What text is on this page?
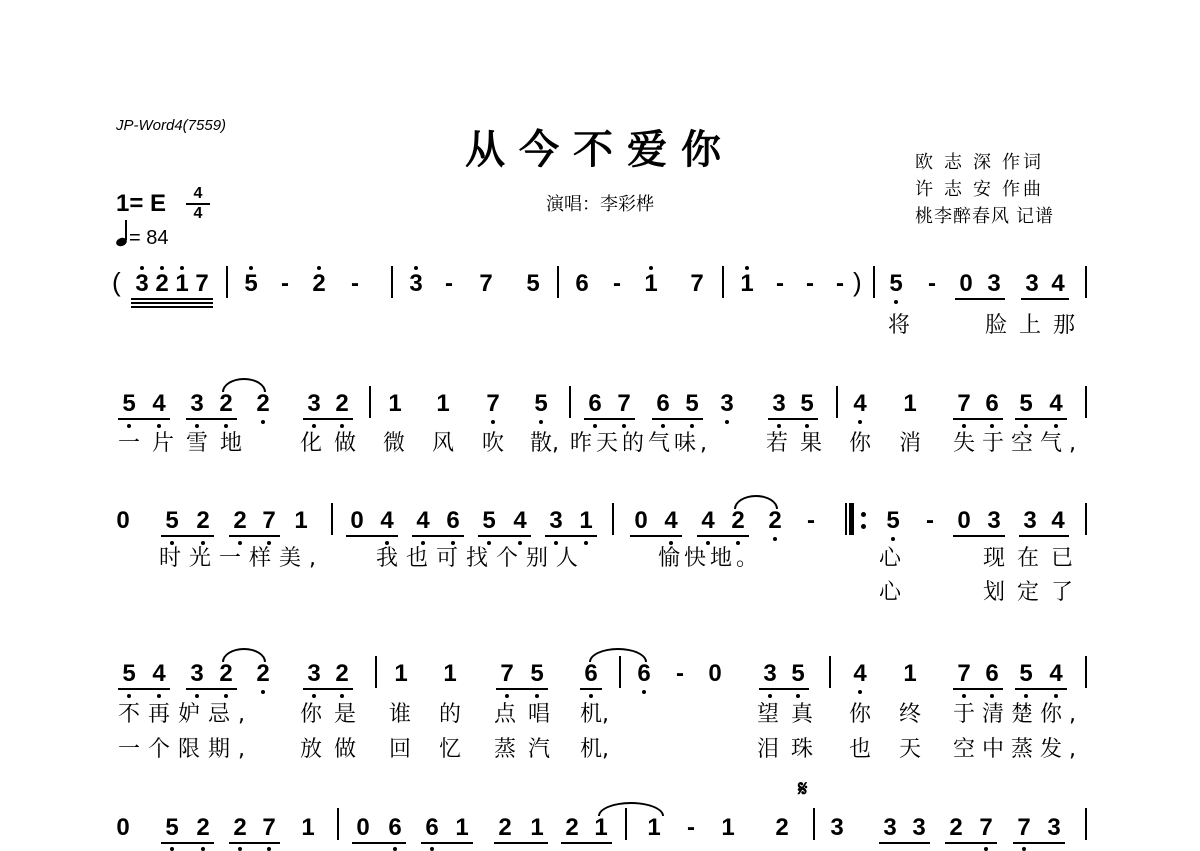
JP-Word4(7559)
从今不爱你
演唱：李彩桦
欧 志 深 作词
许 志 安 作曲
桃李醉春风 记谱
1= E	4
4
= 84
( 3 2 1 7 5 - 2 - 3 - 7 5 6 - 1 7 1 - - - ) 5 - 0 3 3 4
将	脸上那
5 4 3 2 2 3 2 1 1 7 5 6 7 6 5 3 3 5 4 1 7 6 5 4
一片雪地 化做 微 风 吹 散, 昨天的气味,	若果 你 消 失于空气,
0 5 2 2 7 1 0 4 4 6 5 4 3 1 0 4 4 2 2 -	5 - 0 3 3 4
时光一样美, 我也可找个别人	愉快地。	心	现在已
心	划定了
5 4 3 2 2 3 2 1 1 7 5 6 6 - 0 3 5 4 1 7 6 5 4
不再妒忌, 你是 谁 的 点唱 机,	望真 你 终 于清楚你,
一个限期, 放做 回 忆 蒸汽 机,	泪珠 也 天 空中蒸发,
𝄋
0 5 2 2 7 1 0 6 6 1 2 1 2 1 1 - 1 2 3 3 3 2 7 7 3
